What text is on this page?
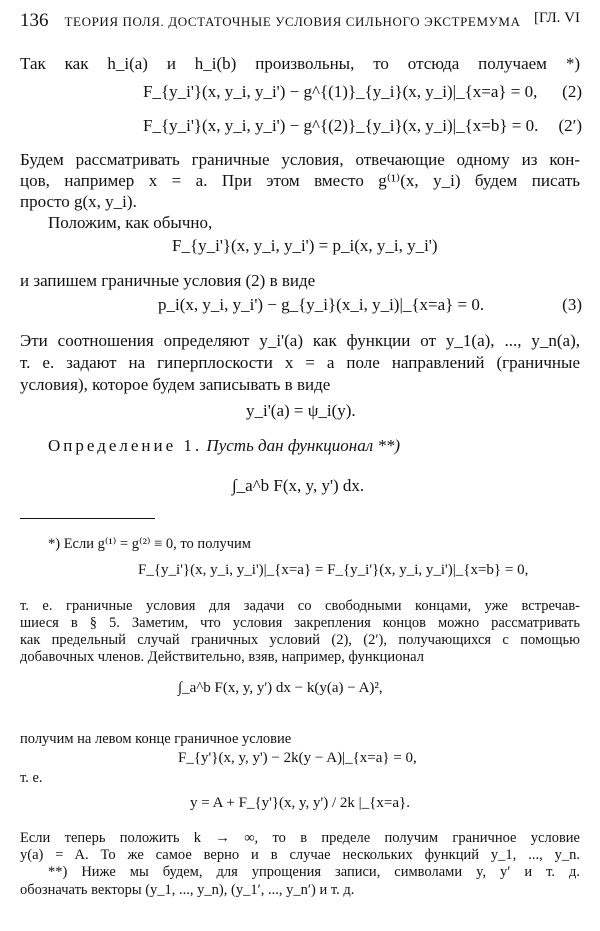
136 ТЕОРИЯ ПОЛЯ. ДОСТАТОЧНЫЕ УСЛОВИЯ СИЛЬНОГО ЭКСТРЕМУМА [ГЛ. VI
Так как h_i(a) и h_i(b) произвольны, то отсюда получаем *)
F_{y_i'}(x, y_i, y_i') − g^{(1)}_{y_i}(x, y_i)|_{x=a} = 0, (2)
F_{y_i'}(x, y_i, y_i') − g^{(2)}_{y_i}(x, y_i)|_{x=b} = 0. (2′)
Будем рассматривать граничные условия, отвечающие одному из кон-
цов, например x = a. При этом вместо g⁽¹⁾(x, y_i) будем писать
просто g(x, y_i).
Положим, как обычно,
F_{y_i'}(x, y_i, y_i') = p_i(x, y_i, y_i')
и запишем граничные условия (2) в виде
p_i(x, y_i, y_i') − g_{y_i}(x_i, y_i)|_{x=a} = 0.	(3)
Эти соотношения определяют y_i'(a) как функции от y_1(a), ..., y_n(a),
т. е. задают на гиперплоскости x = a поле направлений (граничные
условия), которое будем записывать в виде
y_i'(a) = ψ_i(y).
Определение 1. Пусть дан функционал **)
∫_a^b F(x, y, y') dx.
*) Если g⁽¹⁾ = g⁽²⁾ ≡ 0, то получим
F_{y_i'}(x, y_i, y_i')|_{x=a} = F_{y_i'}(x, y_i, y_i')|_{x=b} = 0,
т. е. граничные условия для задачи со свободными концами, уже встречав-
шиеся в § 5. Заметим, что условия закрепления концов можно рассматривать
как предельный случай граничных условий (2), (2′), получающихся с помощью
добавочных членов. Действительно, взяв, например, функционал
∫_a^b F(x, y, y') dx − k(y(a) − A)²,
получим на левом конце граничное условие
F_{y'}(x, y, y') − 2k(y − A)|_{x=a} = 0,
т. е.
y = A + F_{y'}(x, y, y') / 2k |_{x=a}.
Если теперь положить k → ∞, то в пределе получим граничное условие
y(a) = A. То же самое верно и в случае нескольких функций y_1, ..., y_n.
**) Ниже мы будем, для упрощения записи, символами y, y′ и т. д.
обозначать векторы (y_1, ..., y_n), (y_1′, ..., y_n′) и т. д.
